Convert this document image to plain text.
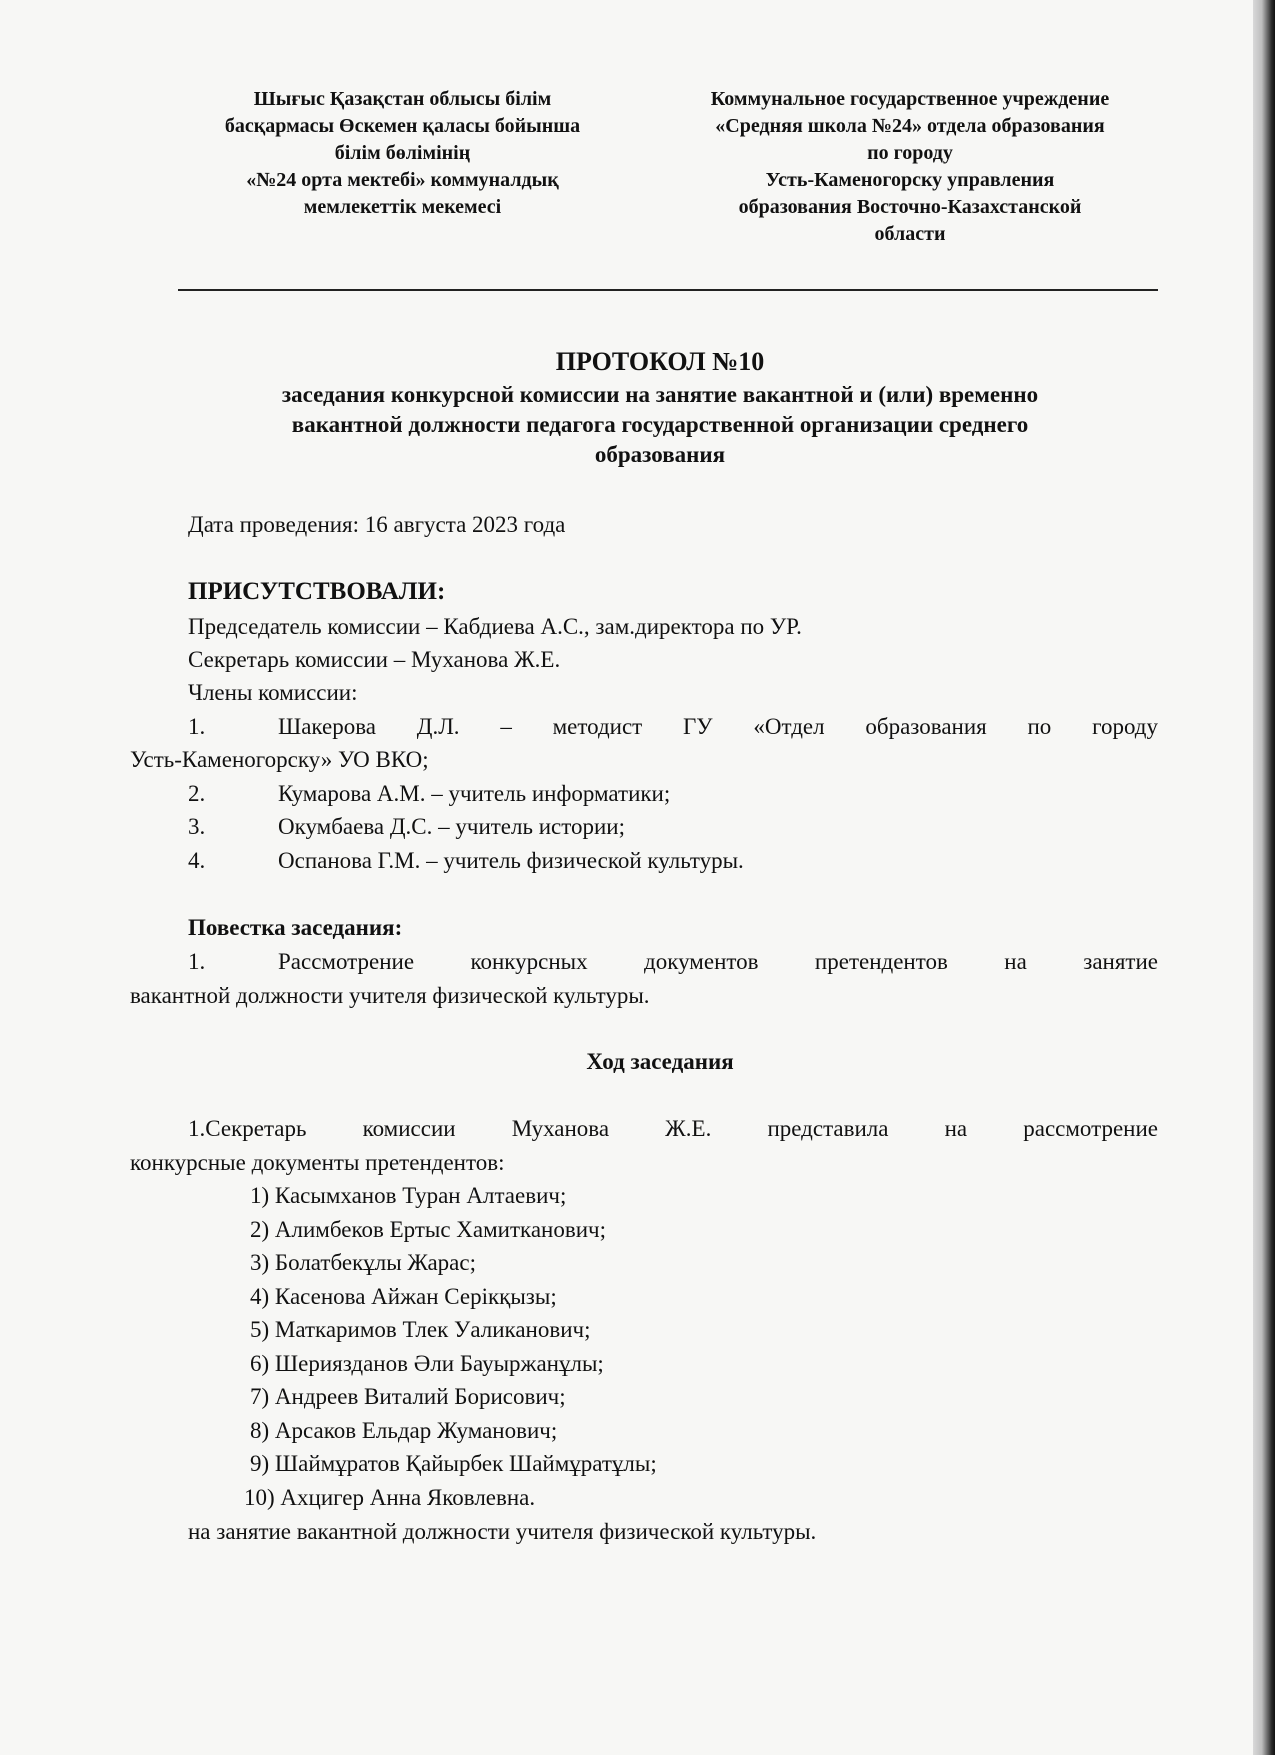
Шығыс Қазақстан облысы білім
басқармасы Өскемен қаласы бойынша
білім бөлімінің
«№24 орта мектебі» коммуналдық
мемлекеттік мекемесі
Коммунальное государственное учреждение
«Средняя школа №24» отдела образования
по городу
Усть-Каменогорску управления
образования Восточно-Казахстанской
области
ПРОТОКОЛ №10
заседания конкурсной комиссии на занятие вакантной и (или) временно
вакантной должности педагога государственной организации среднего
образования
Дата проведения: 16 августа 2023 года
ПРИСУТСТВОВАЛИ:
Председатель комиссии – Кабдиева А.С., зам.директора по УР.
Секретарь комиссии – Муханова Ж.Е.
Члены комиссии:
1.	Шакерова Д.Л. – методист ГУ «Отдел образования по городу
Усть-Каменогорску» УО ВКО;
2.	Кумарова А.М. – учитель информатики;
3.	Окумбаева Д.С. – учитель истории;
4.	Оспанова Г.М. – учитель физической культуры.
Повестка заседания:
1.	Рассмотрение конкурсных документов претендентов на занятие
вакантной должности учителя физической культуры.
Ход заседания
1.Секретарь комиссии Муханова Ж.Е. представила на рассмотрение
конкурсные документы претендентов:
1) Касымханов Туран Алтаевич;
2) Алимбеков Ертыс Хамитканович;
3) Болатбекұлы Жарас;
4) Касенова Айжан Серікқызы;
5) Маткаримов Тлек Уаликанович;
6) Шериязданов Әли Бауыржанұлы;
7) Андреев Виталий Борисович;
8) Арсаков Ельдар Жуманович;
9) Шаймұратов Қайырбек Шаймұратұлы;
10) Ахцигер Анна Яковлевна.
на занятие вакантной должности учителя физической культуры.
